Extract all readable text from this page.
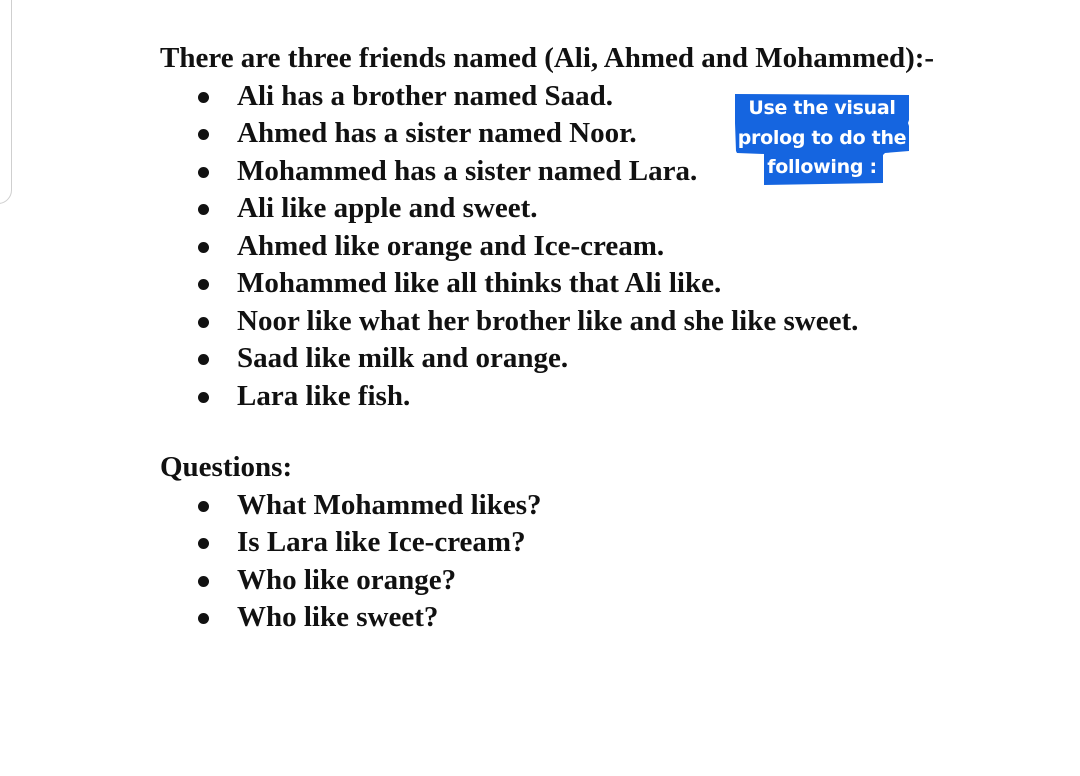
There are three friends named (Ali, Ahmed and Mohammed):-
Ali has a brother named Saad.
Ahmed has a sister named Noor.
Mohammed has a sister named Lara.
Ali like apple and sweet.
Ahmed like orange and Ice-cream.
Mohammed like all thinks that Ali like.
Noor like what her brother like and she like sweet.
Saad like milk and orange.
Lara like fish.
Questions:
What Mohammed likes?
Is Lara like Ice-cream?
Who like orange?
Who like sweet?
Use the visual
prolog to do the
following :
